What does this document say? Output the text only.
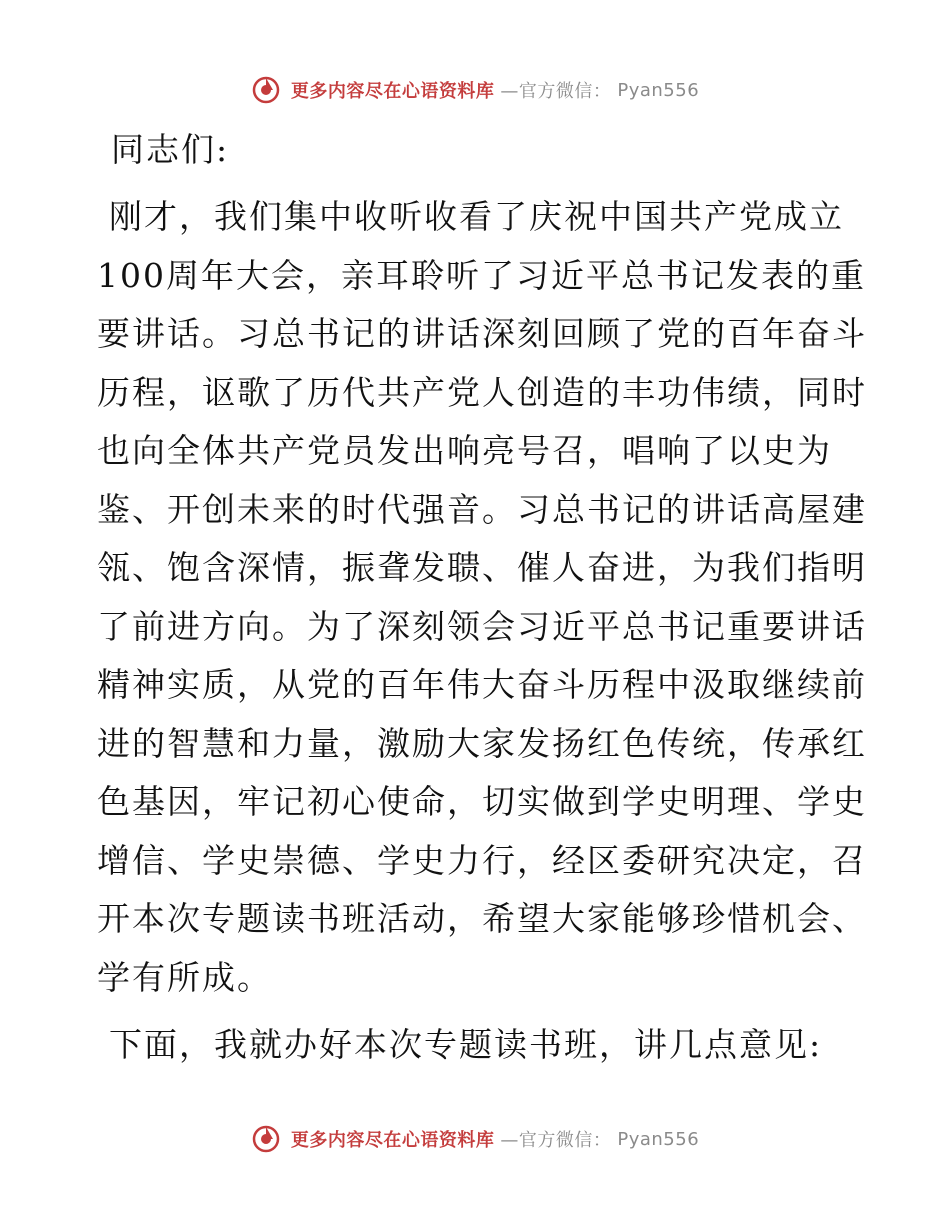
更多内容尽在心语资料库 —官方微信： Pyan556

同志们:

刚才，我们集中收听收看了庆祝中国共产党成立
100周年大会，亲耳聆听了习近平总书记发表的重
要讲话。习总书记的讲话深刻回顾了党的百年奋斗
历程，讴歌了历代共产党人创造的丰功伟绩，同时
也向全体共产党员发出响亮号召，唱响了以史为
鉴、开创未来的时代强音。习总书记的讲话高屋建
瓴、饱含深情，振聋发聩、催人奋进，为我们指明
了前进方向。为了深刻领会习近平总书记重要讲话
精神实质，从党的百年伟大奋斗历程中汲取继续前
进的智慧和力量，激励大家发扬红色传统，传承红
色基因，牢记初心使命，切实做到学史明理、学史
增信、学史崇德、学史力行，经区委研究决定，召
开本次专题读书班活动，希望大家能够珍惜机会、
学有所成。

下面，我就办好本次专题读书班，讲几点意见:

更多内容尽在心语资料库 —官方微信： Pyan556
